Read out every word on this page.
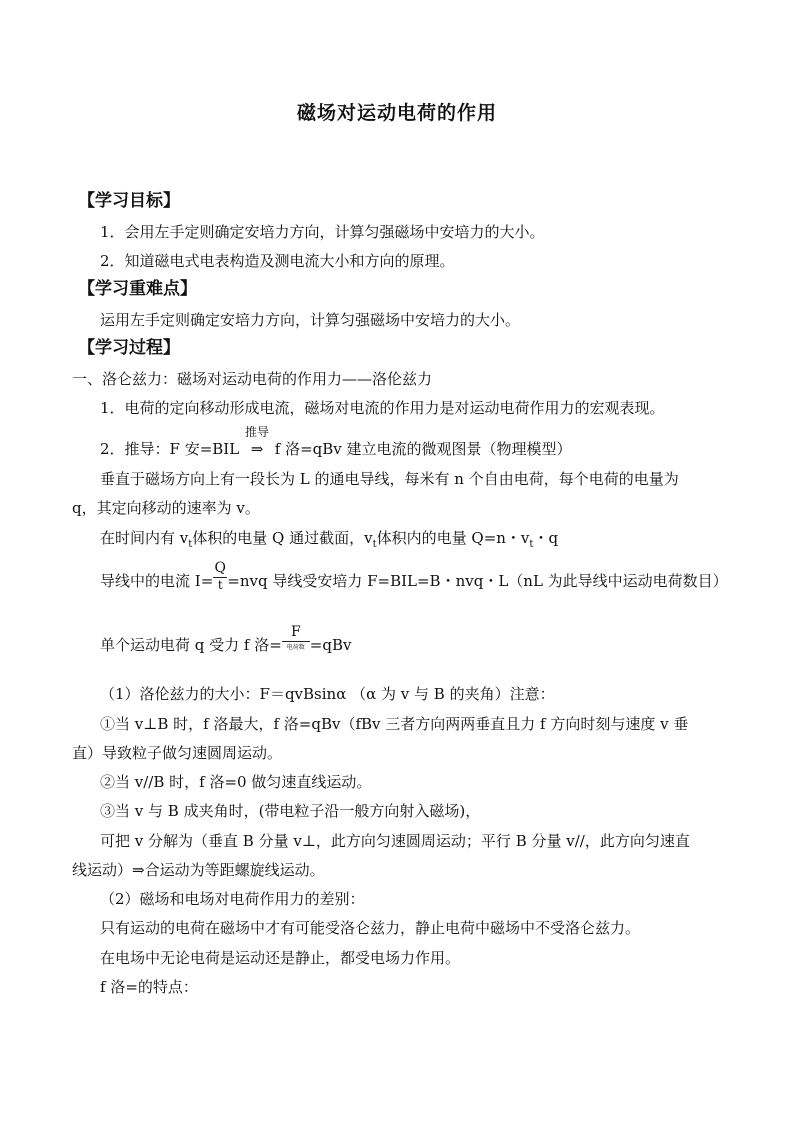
磁场对运动电荷的作用
【学习目标】
1．会用左手定则确定安培力方向，计算匀强磁场中安培力的大小。
2．知道磁电式电表构造及测电流大小和方向的原理。
【学习重难点】
运用左手定则确定安培力方向，计算匀强磁场中安培力的大小。
【学习过程】
一、洛仑兹力：磁场对运动电荷的作用力——洛伦兹力
1．电荷的定向移动形成电流，磁场对电流的作用力是对运动电荷作用力的宏观表现。
2．推导：F 安=BIL
推导
⇒ f 洛=qBv 建立电流的微观图景（物理模型）
垂直于磁场方向上有一段长为 L 的通电导线，每米有 n 个自由电荷，每个电荷的电量为
q，其定向移动的速率为 v。
在时间内有 $v_t$体积的电量 Q 通过截面，$v_t$体积内的电量 Q=n・$v_t$・q
导线中的电流 $I= \frac{Q}{t} =nvq$ 导线受安培力 F=BIL=B・nvq・L（nL 为此导线中运动电荷数目）
单个运动电荷 q 受力 f 洛= $\frac{F}{\text{电荷数}} =qBv$
（1）洛伦兹力的大小：F＝qvBsinα （α 为 v 与 B 的夹角）注意：
①当 v⊥B 时，f 洛最大，f 洛=qBv（fBv 三者方向两两垂直且力 f 方向时刻与速度 v 垂
直）导致粒子做匀速圆周运动。
②当 v//B 时，f 洛=0 做匀速直线运动。
③当 v 与 B 成夹角时，(带电粒子沿一般方向射入磁场)，
可把 v 分解为（垂直 B 分量 v⊥，此方向匀速圆周运动；平行 B 分量 v//，此方向匀速直
线运动）⇒合运动为等距螺旋线运动。
（2）磁场和电场对电荷作用力的差别：
只有运动的电荷在磁场中才有可能受洛仑兹力，静止电荷中磁场中不受洛仑兹力。
在电场中无论电荷是运动还是静止，都受电场力作用。
f 洛=的特点：
